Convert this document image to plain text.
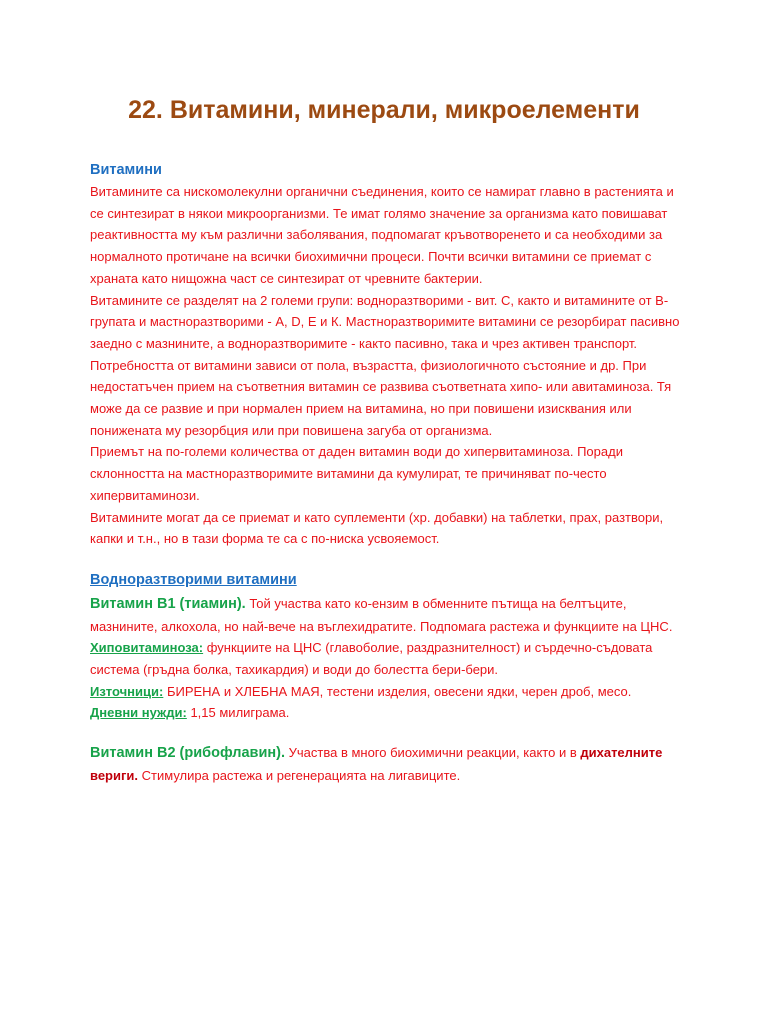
22. Витамини, минерали, микроелементи
Витамини

Витамините са нискомолекулни органични съединения, които се намират главно в растенията и се синтезират в някои микроорганизми. Те имат голямо значение за организма като повишават реактивността му към различни заболявания, подпомагат кръвотворенето и са необходими за нормалното протичане на всички биохимични процеси. Почти всички витамини се приемат с храната като нищожна част се синтезират от чревните бактерии.

Витамините се разделят на 2 големи групи: водноразтворими - вит. С, както и витамините от В-групата и мастноразтворими - А, D, Е и К. Мастноразтворимите витамини се резорбират пасивно заедно с мазнините, а водноразтворимите - както пасивно, така и чрез активен транспорт.

Потребността от витамини зависи от пола, възрастта, физиологичното състояние и др. При недостатъчен прием на съответния витамин се развива съответната хипо- или авитаминоза. Тя може да се развие и при нормален прием на витамина, но при повишени изисквания или понижената му резорбция или при повишена загуба от организма.

Приемът на по-големи количества от даден витамин води до хипервитаминоза. Поради склонността на мастноразтворимите витамини да кумулират, те причиняват по-често хипервитаминози.

Витамините могат да се приемат и като суплементи (хр. добавки) на таблетки, прах, разтвори, капки и т.н., но в тази форма те са с по-ниска усвояемост.

Водноразтворими витамини

Витамин В1 (тиамин). Той участва като ко-ензим в обменните пътища на белтъците, мазнините, алкохола, но най-вече на въглехидратите. Подпомага растежа и функциите на ЦНС.

Хиповитаминоза: функциите на ЦНС (главоболие, раздразнителност) и сърдечно-съдовата система (гръдна болка, тахикардия) и води до болестта бери-бери.

Източници: БИРЕНА и ХЛЕБНА МАЯ, тестени изделия, овесени ядки, черен дроб, месо.

Дневни нужди: 1,15 милиграма.

Витамин В2 (рибофлавин). Участва в много биохимични реакции, както и в дихателните вериги. Стимулира растежа и регенерацията на лигавиците.
